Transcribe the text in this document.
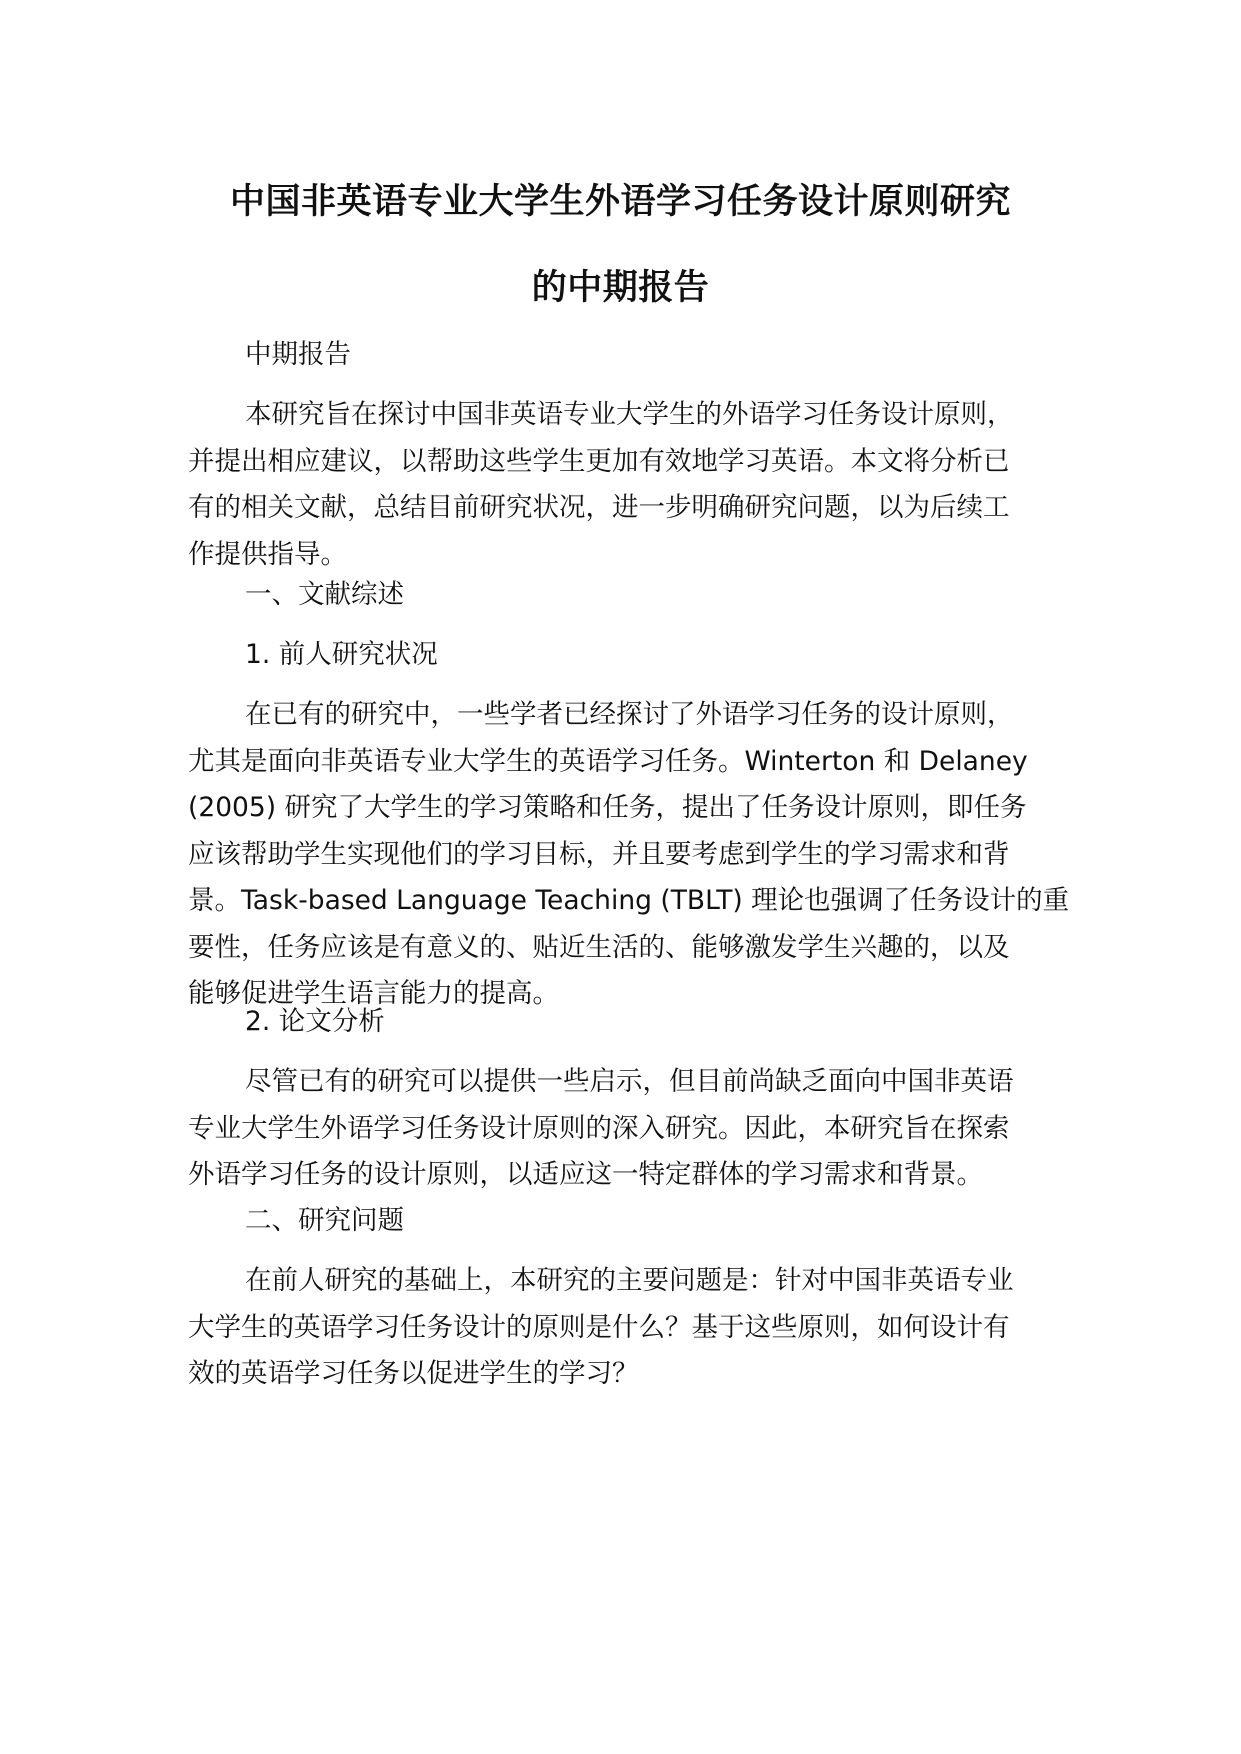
中国非英语专业大学生外语学习任务设计原则研究
的中期报告

中期报告

本研究旨在探讨中国非英语专业大学生的外语学习任务设计原则，
并提出相应建议，以帮助这些学生更加有效地学习英语。本文将分析已
有的相关文献，总结目前研究状况，进一步明确研究问题，以为后续工
作提供指导。

一、文献综述

1. 前人研究状况

在已有的研究中，一些学者已经探讨了外语学习任务的设计原则，
尤其是面向非英语专业大学生的英语学习任务。Winterton 和 Delaney
(2005) 研究了大学生的学习策略和任务，提出了任务设计原则，即任务
应该帮助学生实现他们的学习目标，并且要考虑到学生的学习需求和背
景。Task-based Language Teaching (TBLT) 理论也强调了任务设计的重
要性，任务应该是有意义的、贴近生活的、能够激发学生兴趣的，以及
能够促进学生语言能力的提高。

2. 论文分析

尽管已有的研究可以提供一些启示，但目前尚缺乏面向中国非英语
专业大学生外语学习任务设计原则的深入研究。因此，本研究旨在探索
外语学习任务的设计原则，以适应这一特定群体的学习需求和背景。

二、研究问题

在前人研究的基础上，本研究的主要问题是：针对中国非英语专业
大学生的英语学习任务设计的原则是什么？基于这些原则，如何设计有
效的英语学习任务以促进学生的学习？
